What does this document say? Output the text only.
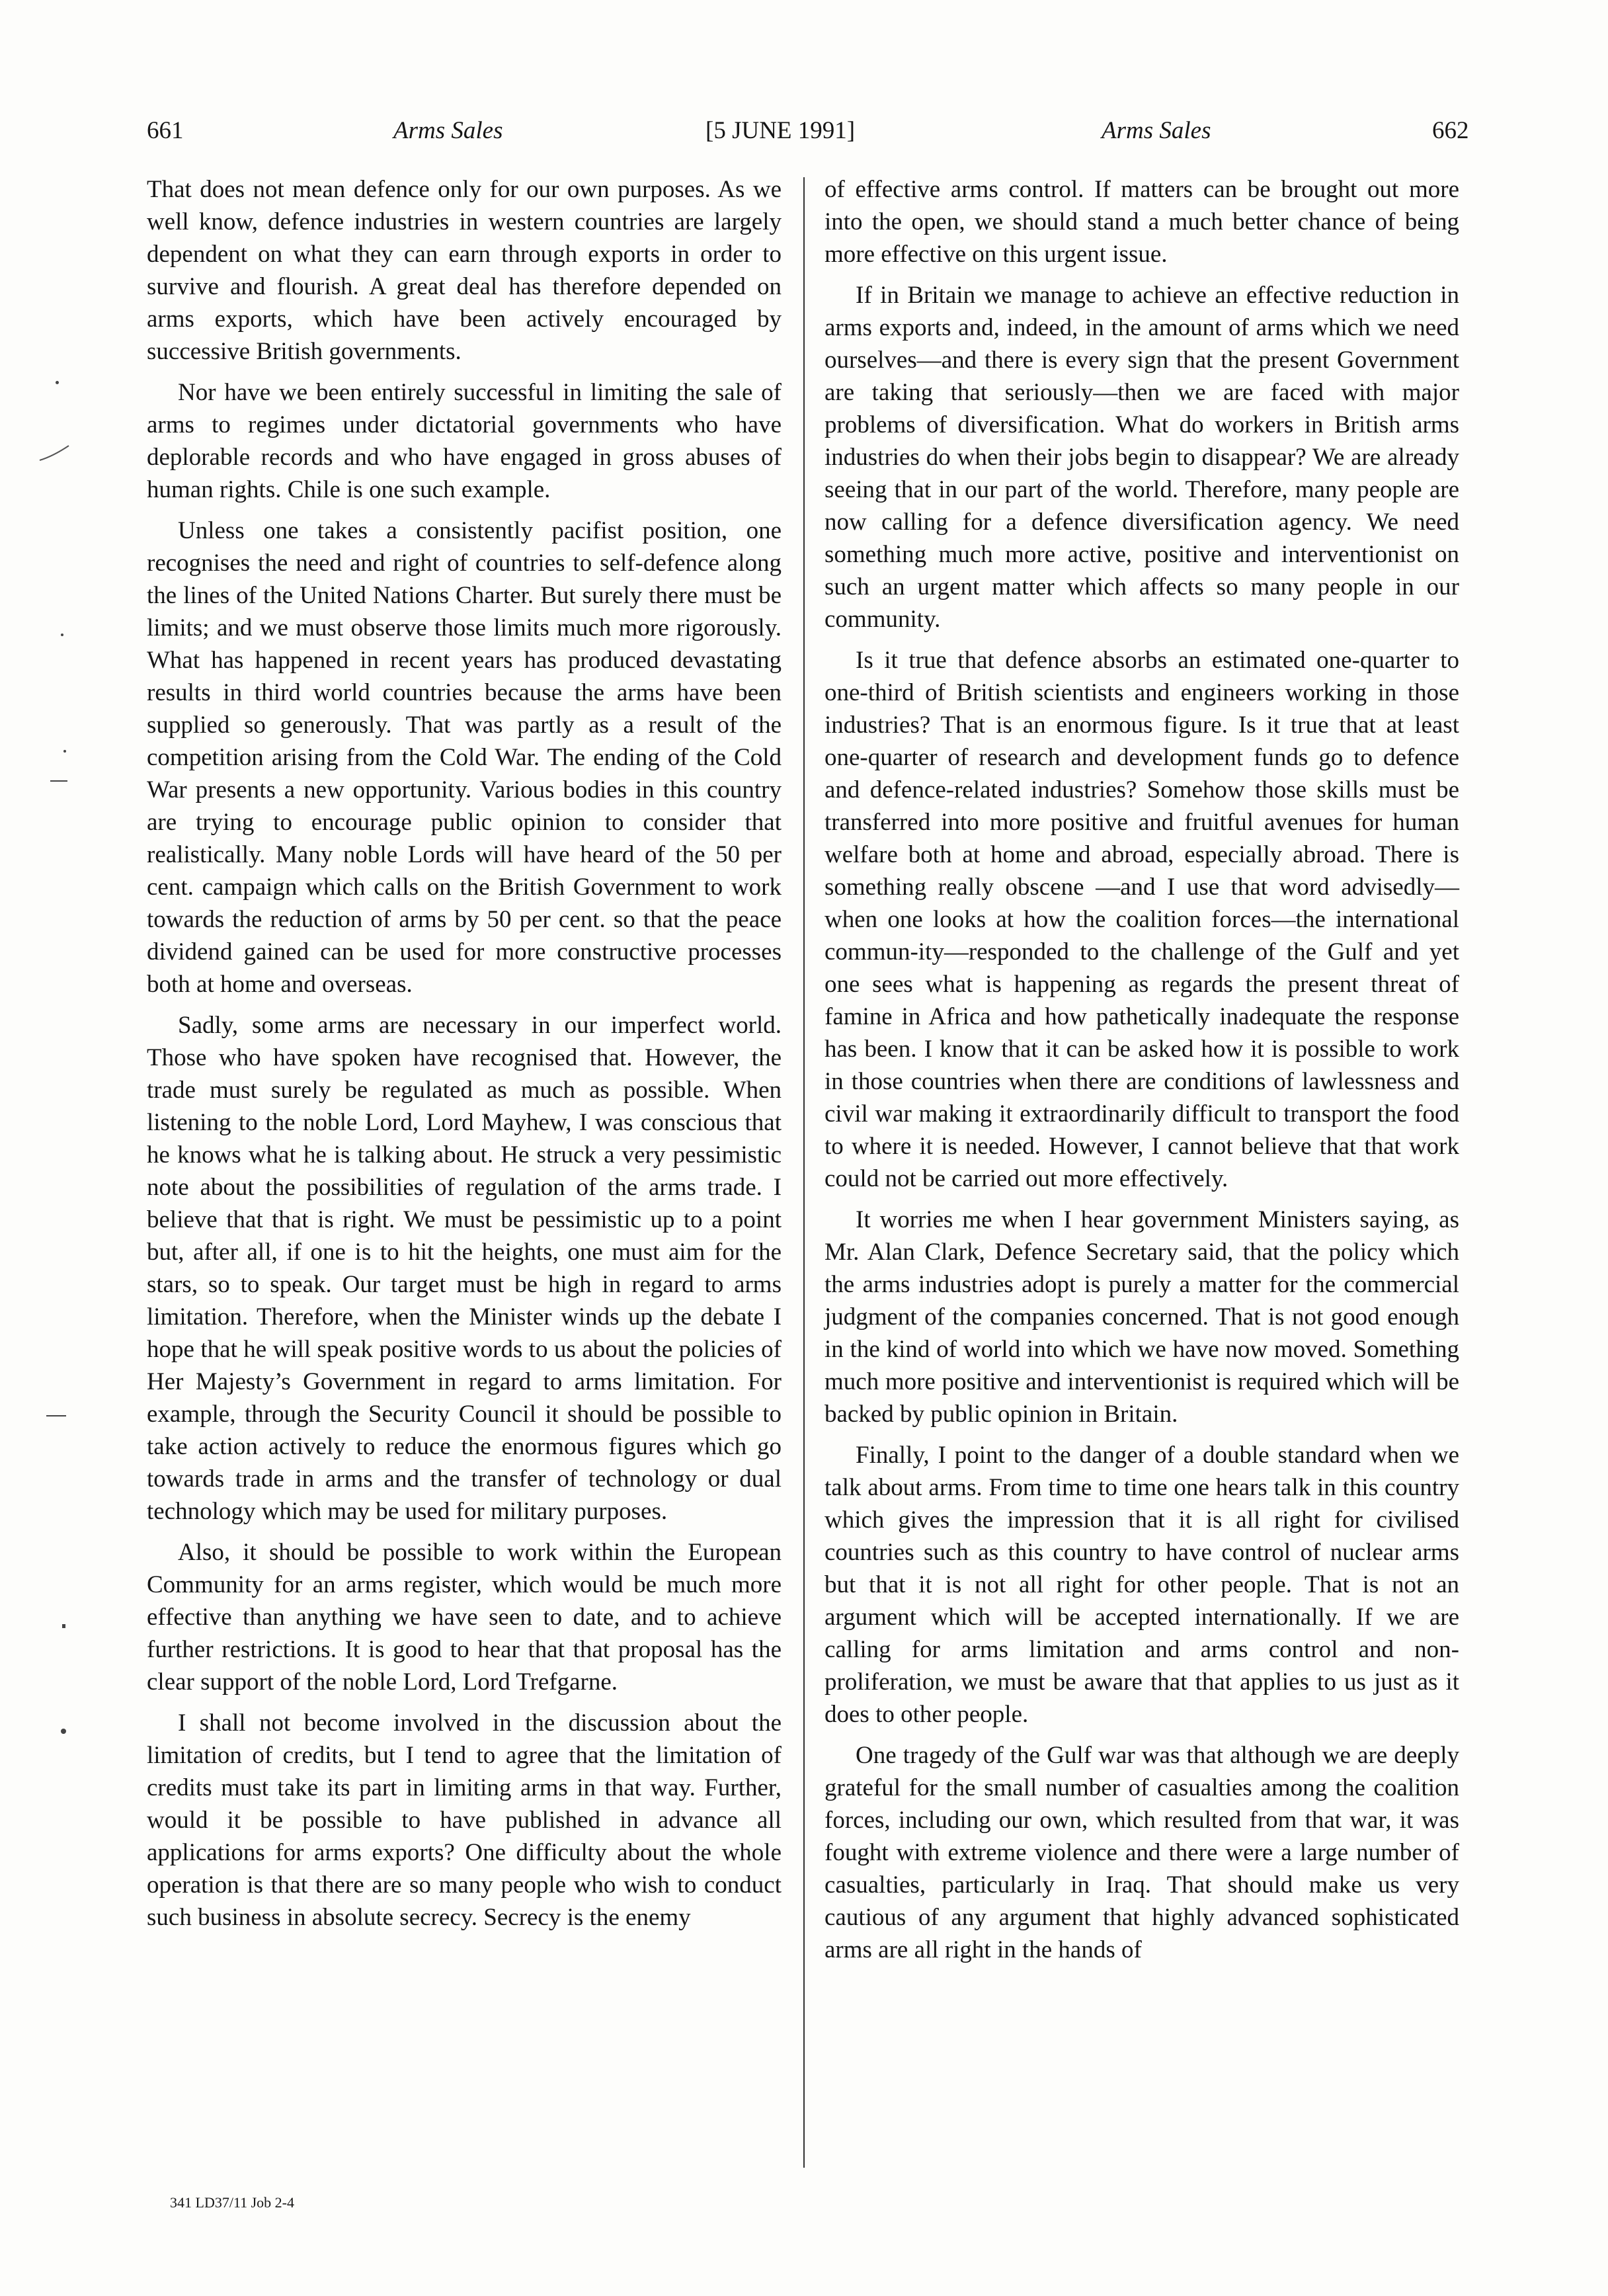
661	Arms Sales	[5 JUNE 1991]	Arms Sales	662

That does not mean defence only for our own purposes. As we well know, defence industries in western countries are largely dependent on what they can earn through exports in order to survive and flourish. A great deal has therefore depended on arms exports, which have been actively encouraged by successive British governments.

Nor have we been entirely successful in limiting the sale of arms to regimes under dictatorial governments who have deplorable records and who have engaged in gross abuses of human rights. Chile is one such example.

Unless one takes a consistently pacifist position, one recognises the need and right of countries to self-defence along the lines of the United Nations Charter. But surely there must be limits; and we must observe those limits much more rigorously. What has happened in recent years has produced devastating results in third world countries because the arms have been supplied so generously. That was partly as a result of the competition arising from the Cold War. The ending of the Cold War presents a new opportunity. Various bodies in this country are trying to encourage public opinion to consider that realistically. Many noble Lords will have heard of the 50 per cent. campaign which calls on the British Government to work towards the reduction of arms by 50 per cent. so that the peace dividend gained can be used for more constructive processes both at home and overseas.

Sadly, some arms are necessary in our imperfect world. Those who have spoken have recognised that. However, the trade must surely be regulated as much as possible. When listening to the noble Lord, Lord Mayhew, I was conscious that he knows what he is talking about. He struck a very pessimistic note about the possibilities of regulation of the arms trade. I believe that that is right. We must be pessimistic up to a point but, after all, if one is to hit the heights, one must aim for the stars, so to speak. Our target must be high in regard to arms limitation. Therefore, when the Minister winds up the debate I hope that he will speak positive words to us about the policies of Her Majesty’s Government in regard to arms limitation. For example, through the Security Council it should be possible to take action actively to reduce the enormous figures which go towards trade in arms and the transfer of technology or dual technology which may be used for military purposes.

Also, it should be possible to work within the European Community for an arms register, which would be much more effective than anything we have seen to date, and to achieve further restrictions. It is good to hear that that proposal has the clear support of the noble Lord, Lord Trefgarne.

I shall not become involved in the discussion about the limitation of credits, but I tend to agree that the limitation of credits must take its part in limiting arms in that way. Further, would it be possible to have published in advance all applications for arms exports? One difficulty about the whole operation is that there are so many people who wish to conduct such business in absolute secrecy. Secrecy is the enemy

of effective arms control. If matters can be brought out more into the open, we should stand a much better chance of being more effective on this urgent issue.

If in Britain we manage to achieve an effective reduction in arms exports and, indeed, in the amount of arms which we need ourselves—and there is every sign that the present Government are taking that seriously—then we are faced with major problems of diversification. What do workers in British arms industries do when their jobs begin to disappear? We are already seeing that in our part of the world. Therefore, many people are now calling for a defence diversification agency. We need something much more active, positive and interventionist on such an urgent matter which affects so many people in our community.

Is it true that defence absorbs an estimated one-quarter to one-third of British scientists and engineers working in those industries? That is an enormous figure. Is it true that at least one-quarter of research and development funds go to defence and defence-related industries? Somehow those skills must be transferred into more positive and fruitful avenues for human welfare both at home and abroad, especially abroad. There is something really obscene —and I use that word advisedly—when one looks at how the coalition forces—the international commun-ity—responded to the challenge of the Gulf and yet one sees what is happening as regards the present threat of famine in Africa and how pathetically inadequate the response has been. I know that it can be asked how it is possible to work in those countries when there are conditions of lawlessness and civil war making it extraordinarily difficult to transport the food to where it is needed. However, I cannot believe that that work could not be carried out more effectively.

It worries me when I hear government Ministers saying, as Mr. Alan Clark, Defence Secretary said, that the policy which the arms industries adopt is purely a matter for the commercial judgment of the companies concerned. That is not good enough in the kind of world into which we have now moved. Something much more positive and interventionist is required which will be backed by public opinion in Britain.

Finally, I point to the danger of a double standard when we talk about arms. From time to time one hears talk in this country which gives the impression that it is all right for civilised countries such as this country to have control of nuclear arms but that it is not all right for other people. That is not an argument which will be accepted internationally. If we are calling for arms limitation and arms control and non-proliferation, we must be aware that that applies to us just as it does to other people.

One tragedy of the Gulf war was that although we are deeply grateful for the small number of casualties among the coalition forces, including our own, which resulted from that war, it was fought with extreme violence and there were a large number of casualties, particularly in Iraq. That should make us very cautious of any argument that highly advanced sophisticated arms are all right in the hands of

341 LD37/11 Job 2-4
